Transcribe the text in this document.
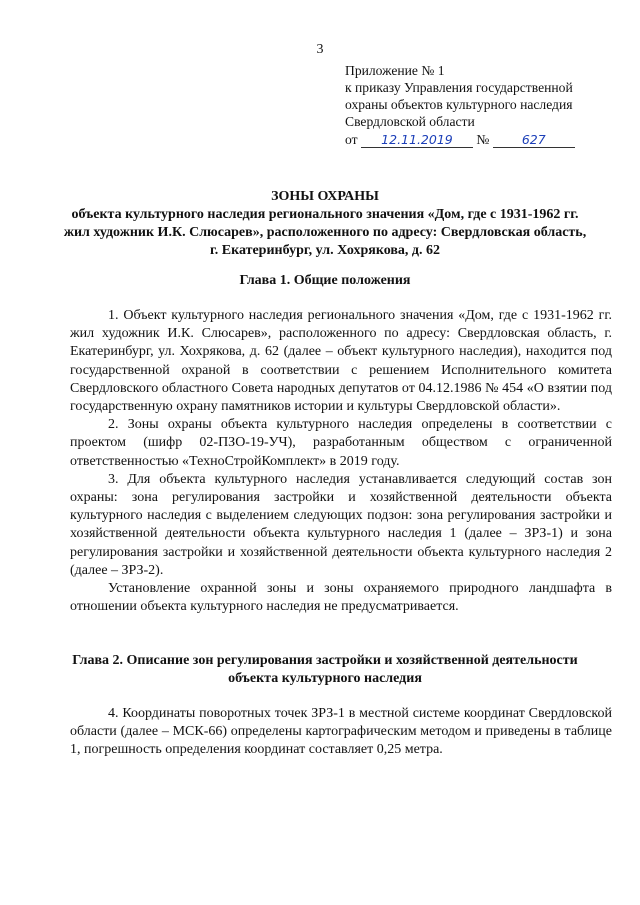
3
Приложение № 1
к приказу Управления государственной
охраны объектов культурного наследия
Свердловской области
от 12.11.2019 №	627
ЗОНЫ ОХРАНЫ
объекта культурного наследия регионального значения «Дом, где с 1931-1962 гг. жил художник И.К. Слюсарев», расположенного по адресу: Свердловская область, г. Екатеринбург, ул. Хохрякова, д. 62
Глава 1. Общие положения

1. Объект культурного наследия регионального значения «Дом, где с 1931-1962 гг. жил художник И.К. Слюсарев», расположенного по адресу: Свердловская область, г. Екатеринбург, ул. Хохрякова, д. 62 (далее – объект культурного наследия), находится под государственной охраной в соответствии с решением Исполнительного комитета Свердловского областного Совета народных депутатов от 04.12.1986 № 454 «О взятии под государственную охрану памятников истории и культуры Свердловской области».

2. Зоны охраны объекта культурного наследия определены в соответствии с проектом (шифр 02-ПЗО-19-УЧ), разработанным обществом с ограниченной ответственностью «ТехноСтройКомплект» в 2019 году.

3. Для объекта культурного наследия устанавливается следующий состав зон охраны: зона регулирования застройки и хозяйственной деятельности объекта культурного наследия с выделением следующих подзон: зона регулирования застройки и хозяйственной деятельности объекта культурного наследия 1 (далее – ЗРЗ-1) и зона регулирования застройки и хозяйственной деятельности объекта культурного наследия 2 (далее – ЗРЗ-2).

Установление охранной зоны и зоны охраняемого природного ландшафта в отношении объекта культурного наследия не предусматривается.

Глава 2. Описание зон регулирования застройки и хозяйственной деятельности объекта культурного наследия

4. Координаты поворотных точек ЗРЗ-1 в местной системе координат Свердловской области (далее – МСК-66) определены картографическим методом и приведены в таблице 1, погрешность определения координат составляет 0,25 метра.
